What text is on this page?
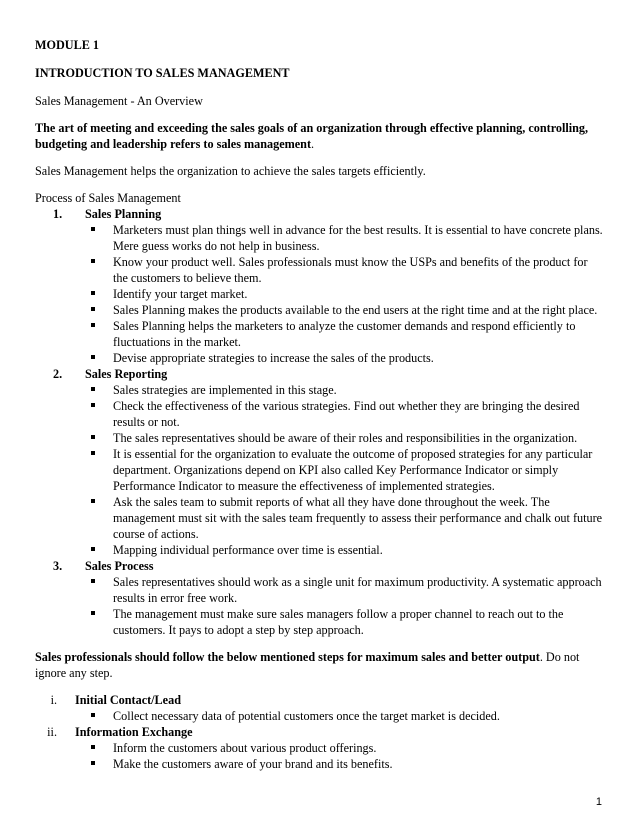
MODULE 1

INTRODUCTION TO SALES MANAGEMENT

Sales Management - An Overview

The art of meeting and exceeding the sales goals of an organization through effective planning, controlling, budgeting and leadership refers to sales management.

Sales Management helps the organization to achieve the sales targets efficiently.

Process of Sales Management

1. Sales Planning
Marketers must plan things well in advance for the best results. It is essential to have concrete plans. Mere guess works do not help in business.
Know your product well. Sales professionals must know the USPs and benefits of the product for the customers to believe them.
Identify your target market.
Sales Planning makes the products available to the end users at the right time and at the right place.
Sales Planning helps the marketers to analyze the customer demands and respond efficiently to fluctuations in the market.
Devise appropriate strategies to increase the sales of the products.
2. Sales Reporting
Sales strategies are implemented in this stage.
Check the effectiveness of the various strategies. Find out whether they are bringing the desired results or not.
The sales representatives should be aware of their roles and responsibilities in the organization.
It is essential for the organization to evaluate the outcome of proposed strategies for any particular department. Organizations depend on KPI also called Key Performance Indicator or simply Performance Indicator to measure the effectiveness of implemented strategies.
Ask the sales team to submit reports of what all they have done throughout the week. The management must sit with the sales team frequently to assess their performance and chalk out future course of actions.
Mapping individual performance over time is essential.
3. Sales Process
Sales representatives should work as a single unit for maximum productivity. A systematic approach results in error free work.
The management must make sure sales managers follow a proper channel to reach out to the customers. It pays to adopt a step by step approach.

Sales professionals should follow the below mentioned steps for maximum sales and better output. Do not ignore any step.

i. Initial Contact/Lead
Collect necessary data of potential customers once the target market is decided.
ii. Information Exchange
Inform the customers about various product offerings.
Make the customers aware of your brand and its benefits.
1
